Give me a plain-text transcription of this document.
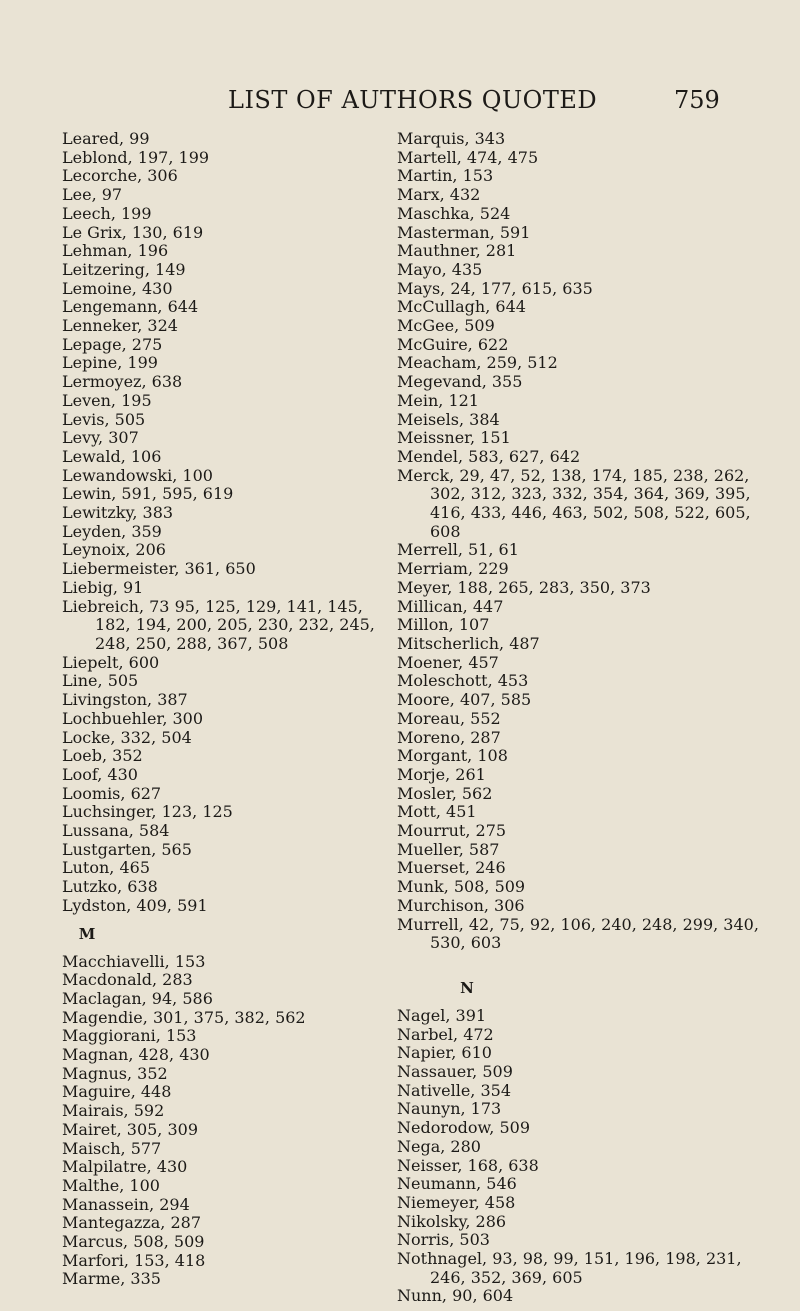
LIST OF AUTHORS QUOTED	759
Leared, 99
Leblond, 197, 199
Lecorche, 306
Lee, 97
Leech, 199
Le Grix, 130, 619
Lehman, 196
Leitzering, 149
Lemoine, 430
Lengemann, 644
Lenneker, 324
Lepage, 275
Lepine, 199
Lermoyez, 638
Leven, 195
Levis, 505
Levy, 307
Lewald, 106
Lewandowski, 100
Lewin, 591, 595, 619
Lewitzky, 383
Leyden, 359
Leynoix, 206
Liebermeister, 361, 650
Liebig, 91
Liebreich, 73 95, 125, 129, 141, 145, 182, 194, 200, 205, 230, 232, 245, 248, 250, 288, 367, 508
Liepelt, 600
Line, 505
Livingston, 387
Lochbuehler, 300
Locke, 332, 504
Loeb, 352
Loof, 430
Loomis, 627
Luchsinger, 123, 125
Lussana, 584
Lustgarten, 565
Luton, 465
Lutzko, 638
Lydston, 409, 591
M
Macchiavelli, 153
Macdonald, 283
Maclagan, 94, 586
Magendie, 301, 375, 382, 562
Maggiorani, 153
Magnan, 428, 430
Magnus, 352
Maguire, 448
Mairais, 592
Mairet, 305, 309
Maisch, 577
Malpilatre, 430
Malthe, 100
Manassein, 294
Mantegazza, 287
Marcus, 508, 509
Marfori, 153, 418
Marme, 335
Marquis, 343
Martell, 474, 475
Martin, 153
Marx, 432
Maschka, 524
Masterman, 591
Mauthner, 281
Mayo, 435
Mays, 24, 177, 615, 635
McCullagh, 644
McGee, 509
McGuire, 622
Meacham, 259, 512
Megevand, 355
Mein, 121
Meisels, 384
Meissner, 151
Mendel, 583, 627, 642
Merck, 29, 47, 52, 138, 174, 185, 238, 262, 302, 312, 323, 332, 354, 364, 369, 395, 416, 433, 446, 463, 502, 508, 522, 605, 608
Merrell, 51, 61
Merriam, 229
Meyer, 188, 265, 283, 350, 373
Millican, 447
Millon, 107
Mitscherlich, 487
Moener, 457
Moleschott, 453
Moore, 407, 585
Moreau, 552
Moreno, 287
Morgant, 108
Morje, 261
Mosler, 562
Mott, 451
Mourrut, 275
Mueller, 587
Muerset, 246
Munk, 508, 509
Murchison, 306
Murrell, 42, 75, 92, 106, 240, 248, 299, 340, 530, 603
N
Nagel, 391
Narbel, 472
Napier, 610
Nassauer, 509
Nativelle, 354
Naunyn, 173
Nedorodow, 509
Nega, 280
Neisser, 168, 638
Neumann, 546
Niemeyer, 458
Nikolsky, 286
Norris, 503
Nothnagel, 93, 98, 99, 151, 196, 198, 231, 246, 352, 369, 605
Nunn, 90, 604
